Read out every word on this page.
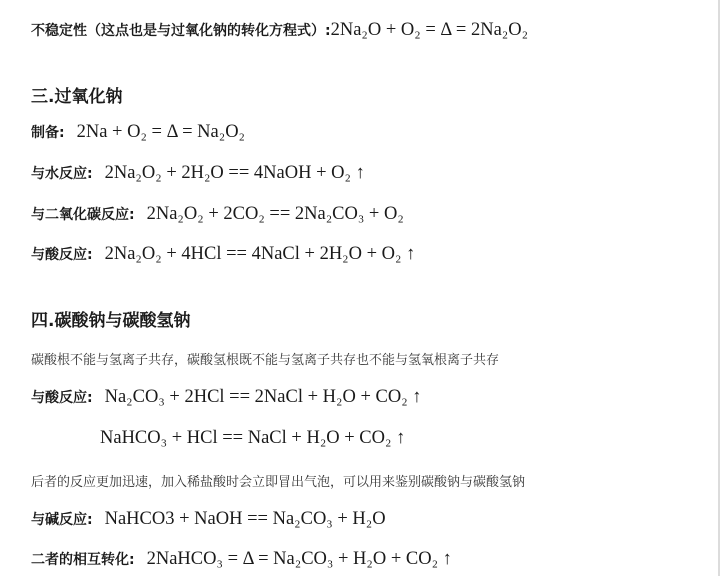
不稳定性（这点也是与过氧化钠的转化方程式）: 2Na₂O + O₂ = Δ = 2Na₂O₂
三.过氧化钠
制备: 2Na + O₂ = Δ = Na₂O₂
与水反应: 2Na₂O₂ + 2H₂O == 4NaOH + O₂ ↑
与二氧化碳反应: 2Na₂O₂ + 2CO₂ == 2Na₂CO₃ + O₂
与酸反应: 2Na₂O₂ + 4HCl == 4NaCl + 2H₂O + O₂ ↑
四.碳酸钠与碳酸氢钠
碳酸根不能与氢离子共存，碳酸氢根既不能与氢离子共存也不能与氢氧根离子共存
与酸反应: Na₂CO₃ + 2HCl == 2NaCl + H₂O + CO₂ ↑
NaHCO₃ + HCl == NaCl + H₂O + CO₂ ↑
后者的反应更加迅速，加入稀盐酸时会立即冒出气泡，可以用来鉴别碳酸钠与碳酸氢钠
与碱反应: NaHCO3 + NaOH == Na₂CO₃ + H₂O
二者的相互转化: 2NaHCO₃ = Δ = Na₂CO₃ + H₂O + CO₂ ↑
